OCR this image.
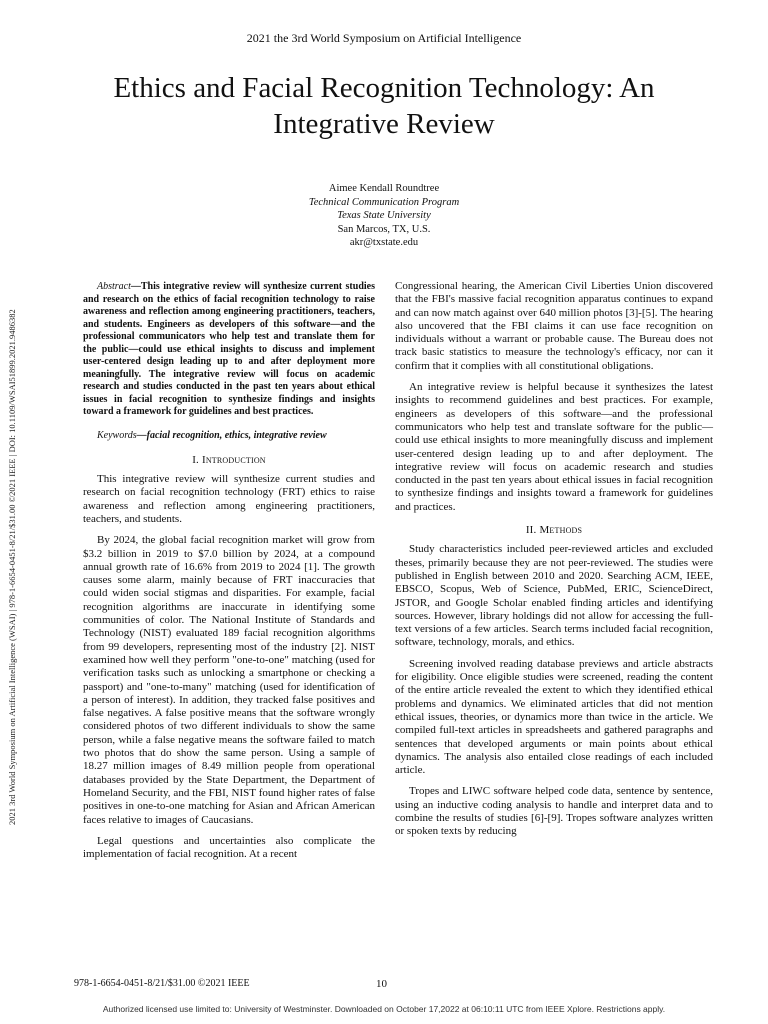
2021 the 3rd World Symposium on Artificial Intelligence
Ethics and Facial Recognition Technology: An Integrative Review
Aimee Kendall Roundtree
Technical Communication Program
Texas State University
San Marcos, TX, U.S.
akr@txstate.edu
2021 3rd World Symposium on Artificial Intelligence (WSAI) | 978-1-6654-0451-8/21/$31.00 ©2021 IEEE | DOI: 10.1109/WSAI51899.2021.9486382
Abstract—This integrative review will synthesize current studies and research on the ethics of facial recognition technology to raise awareness and reflection among engineering practitioners, teachers, and students. Engineers as developers of this software—and the professional communicators who help test and translate them for the public—could use ethical insights to discuss and implement user-centered design leading up to and after deployment more meaningfully. The integrative review will focus on academic research and studies conducted in the past ten years about ethical issues in facial recognition to synthesize findings and insights toward a framework for guidelines and best practices.
Keywords—facial recognition, ethics, integrative review
I. Introduction

This integrative review will synthesize current studies and research on facial recognition technology (FRT) ethics to raise awareness and reflection among engineering practitioners, teachers, and students.

By 2024, the global facial recognition market will grow from $3.2 billion in 2019 to $7.0 billion by 2024, at a compound annual growth rate of 16.6% from 2019 to 2024 [1]. The growth causes some alarm, mainly because of FRT inaccuracies that could widen social stigmas and disparities. For example, facial recognition algorithms are inaccurate in identifying some communities of color. The National Institute of Standards and Technology (NIST) evaluated 189 facial recognition algorithms from 99 developers, representing most of the industry [2]. NIST examined how well they perform "one-to-one" matching (used for verification tasks such as unlocking a smartphone or checking a passport) and "one-to-many" matching (used for identification of a person of interest). In addition, they tracked false positives and false negatives. A false positive means that the software wrongly considered photos of two different individuals to show the same person, while a false negative means the software failed to match two photos that do show the same person. Using a sample of 18.27 million images of 8.49 million people from operational databases provided by the State Department, the Department of Homeland Security, and the FBI, NIST found higher rates of false positives in one-to-one matching for Asian and African American faces relative to images of Caucasians.

Legal questions and uncertainties also complicate the implementation of facial recognition. At a recent

Congressional hearing, the American Civil Liberties Union discovered that the FBI's massive facial recognition apparatus continues to expand and can now match against over 640 million photos [3]-[5]. The hearing also uncovered that the FBI claims it can use face recognition on individuals without a warrant or probable cause. The Bureau does not track basic statistics to measure the technology's efficacy, nor can it confirm that it complies with all constitutional obligations.

An integrative review is helpful because it synthesizes the latest insights to recommend guidelines and best practices. For example, engineers as developers of this software—and the professional communicators who help test and translate software for the public—could use ethical insights to more meaningfully discuss and implement user-centered design leading up to and after deployment. The integrative review will focus on academic research and studies conducted in the past ten years about ethical issues in facial recognition to synthesize findings and insights toward a framework for guidelines and practices.

II. Methods

Study characteristics included peer-reviewed articles and excluded theses, primarily because they are not peer-reviewed. The studies were published in English between 2010 and 2020. Searching ACM, IEEE, EBSCO, Scopus, Web of Science, PubMed, ERIC, ScienceDirect, JSTOR, and Google Scholar enabled finding articles and identifying sources. However, library holdings did not allow for accessing the full-text versions of a few articles. Search terms included facial recognition, software, technology, morals, and ethics.

Screening involved reading database previews and article abstracts for eligibility. Once eligible studies were screened, reading the content of the entire article revealed the extent to which they identified ethical problems and dynamics. We eliminated articles that did not mention ethical issues, theories, or dynamics more than twice in the article. We compiled full-text articles in spreadsheets and gathered paragraphs and sentences that developed arguments or main points about ethical dynamics. The analysis also entailed close readings of each included article.

Tropes and LIWC software helped code data, sentence by sentence, using an inductive coding analysis to handle and interpret data and to combine the results of studies [6]-[9]. Tropes software analyzes written or spoken texts by reducing

978-1-6654-0451-8/21/$31.00 ©2021 IEEE	10
Authorized licensed use limited to: University of Westminster. Downloaded on October 17,2022 at 06:10:11 UTC from IEEE Xplore. Restrictions apply.
